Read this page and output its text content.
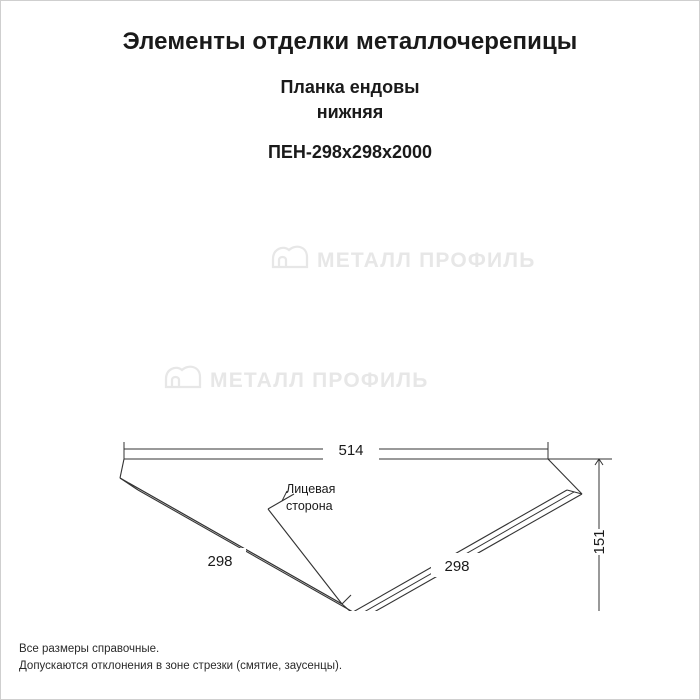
Элементы отделки металлочерепицы
Планка ендовы
нижняя
ПЕН-298x298x2000
МЕТАЛЛ ПРОФИЛЬ
МЕТАЛЛ ПРОФИЛЬ
Лицевая
сторона
514
298	298
151
Все размеры справочные.
Допускаются отклонения в зоне стрезки (смятие, заусенцы).
